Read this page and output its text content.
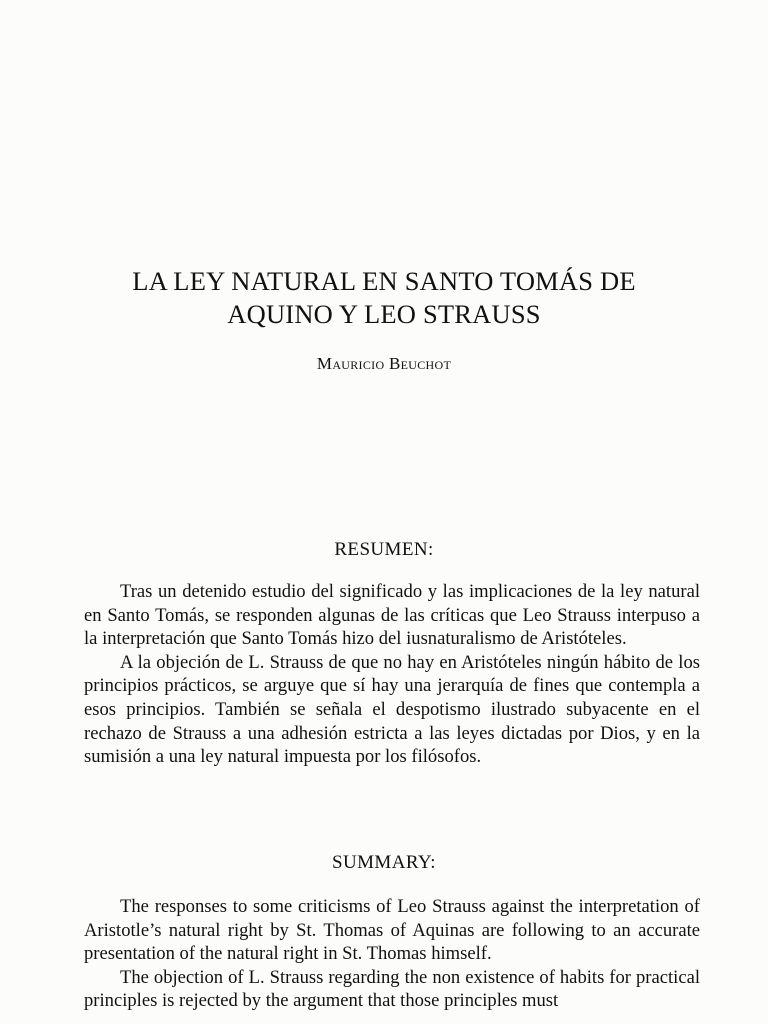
LA LEY NATURAL EN SANTO TOMÁS DE
AQUINO Y LEO STRAUSS
Mauricio Beuchot
RESUMEN:

Tras un detenido estudio del significado y las implicaciones de la ley natural en Santo Tomás, se responden algunas de las críticas que Leo Strauss interpuso a la interpretación que Santo Tomás hizo del iusnaturalismo de Aristóteles.

A la objeción de L. Strauss de que no hay en Aristóteles ningún hábito de los principios prácticos, se arguye que sí hay una jerarquía de fines que contempla a esos principios. También se señala el despotismo ilustrado subyacente en el rechazo de Strauss a una adhesión estricta a las leyes dictadas por Dios, y en la sumisión a una ley natural impuesta por los filósofos.

SUMMARY:

The responses to some criticisms of Leo Strauss against the interpretation of Aristotle’s natural right by St. Thomas of Aquinas are following to an accurate presentation of the natural right in St. Thomas himself.

The objection of L. Strauss regarding the non existence of habits for practical principles is rejected by the argument that those principles must
